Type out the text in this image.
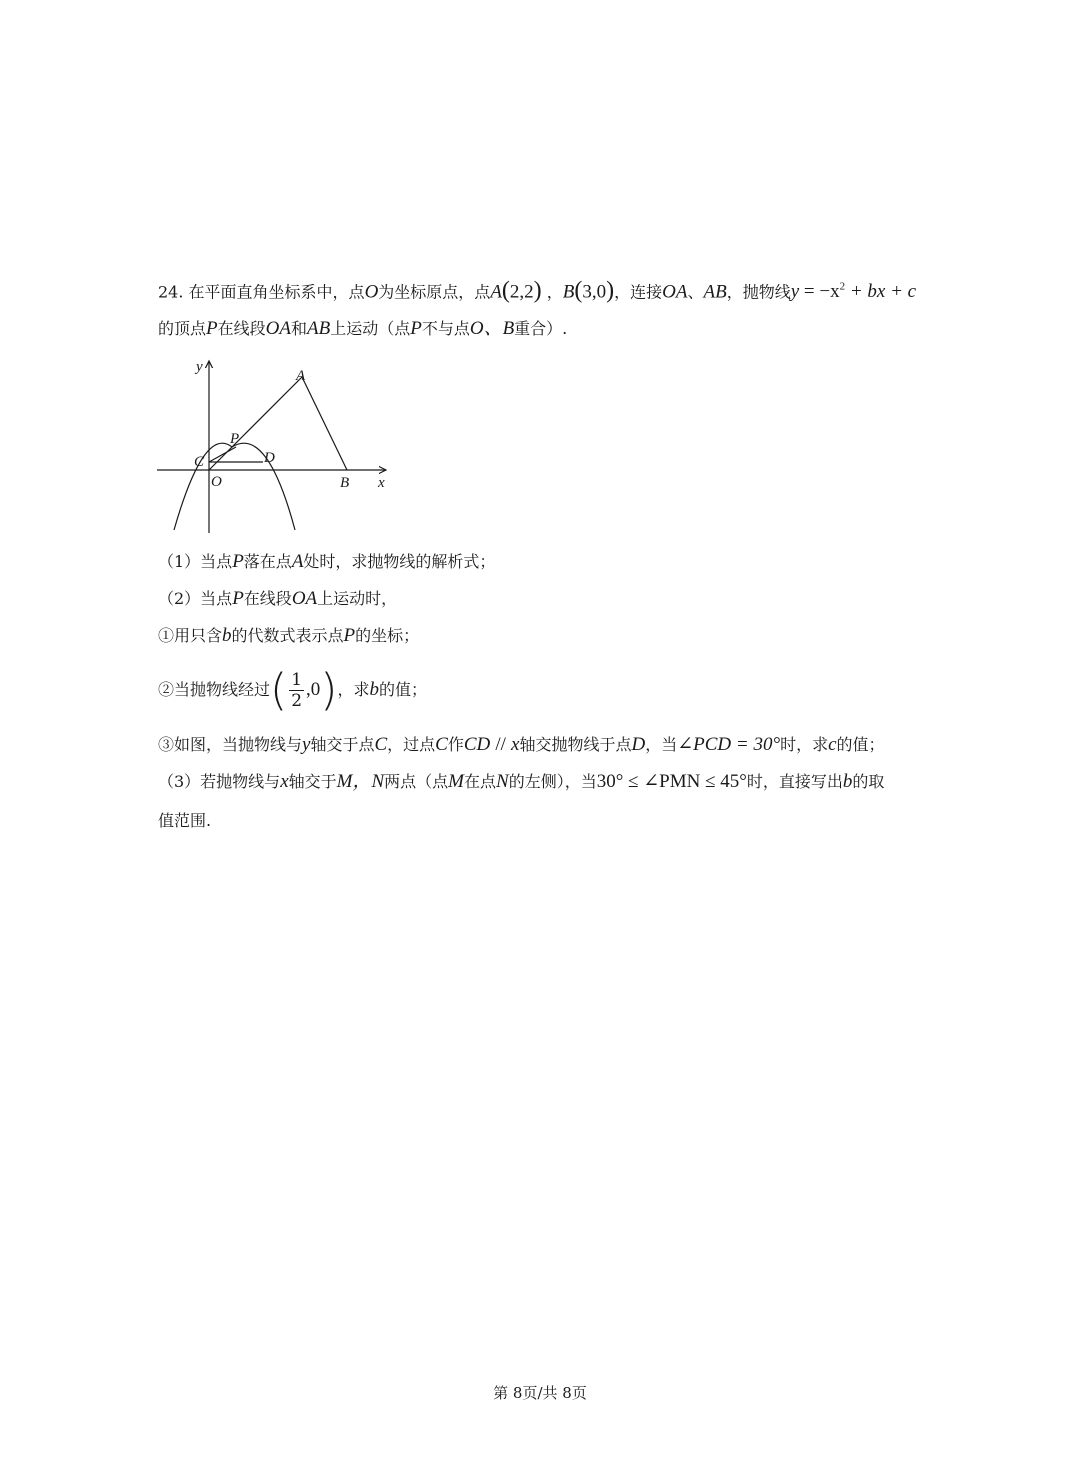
24. 在平面直角坐标系中，点O为坐标原点，点A(2,2) ，B(3,0)，连接OA、AB，抛物线$y = -x^2$ + bx + c
的顶点P在线段OA和AB上运动（点P不与点O、B重合）.
y
x
O
A
B
P
C	D
（1）当点P落在点A处时，求抛物线的解析式；
（2）当点P在线段OA上运动时，
①用只含b的代数式表示点P的坐标；
②当抛物线经过( $\frac{1}{2} ,0$)，求b的值；
③如图，当抛物线与y轴交于点C，过点C作CD // x轴交抛物线于点D，当∠PCD = 30°时，求c的值；
（3）若抛物线与x轴交于M，N两点（点M在点N的左侧），当30° ≤ ∠PMN ≤ 45°时，直接写出b的取
值范围.
第 8页/共 8页
